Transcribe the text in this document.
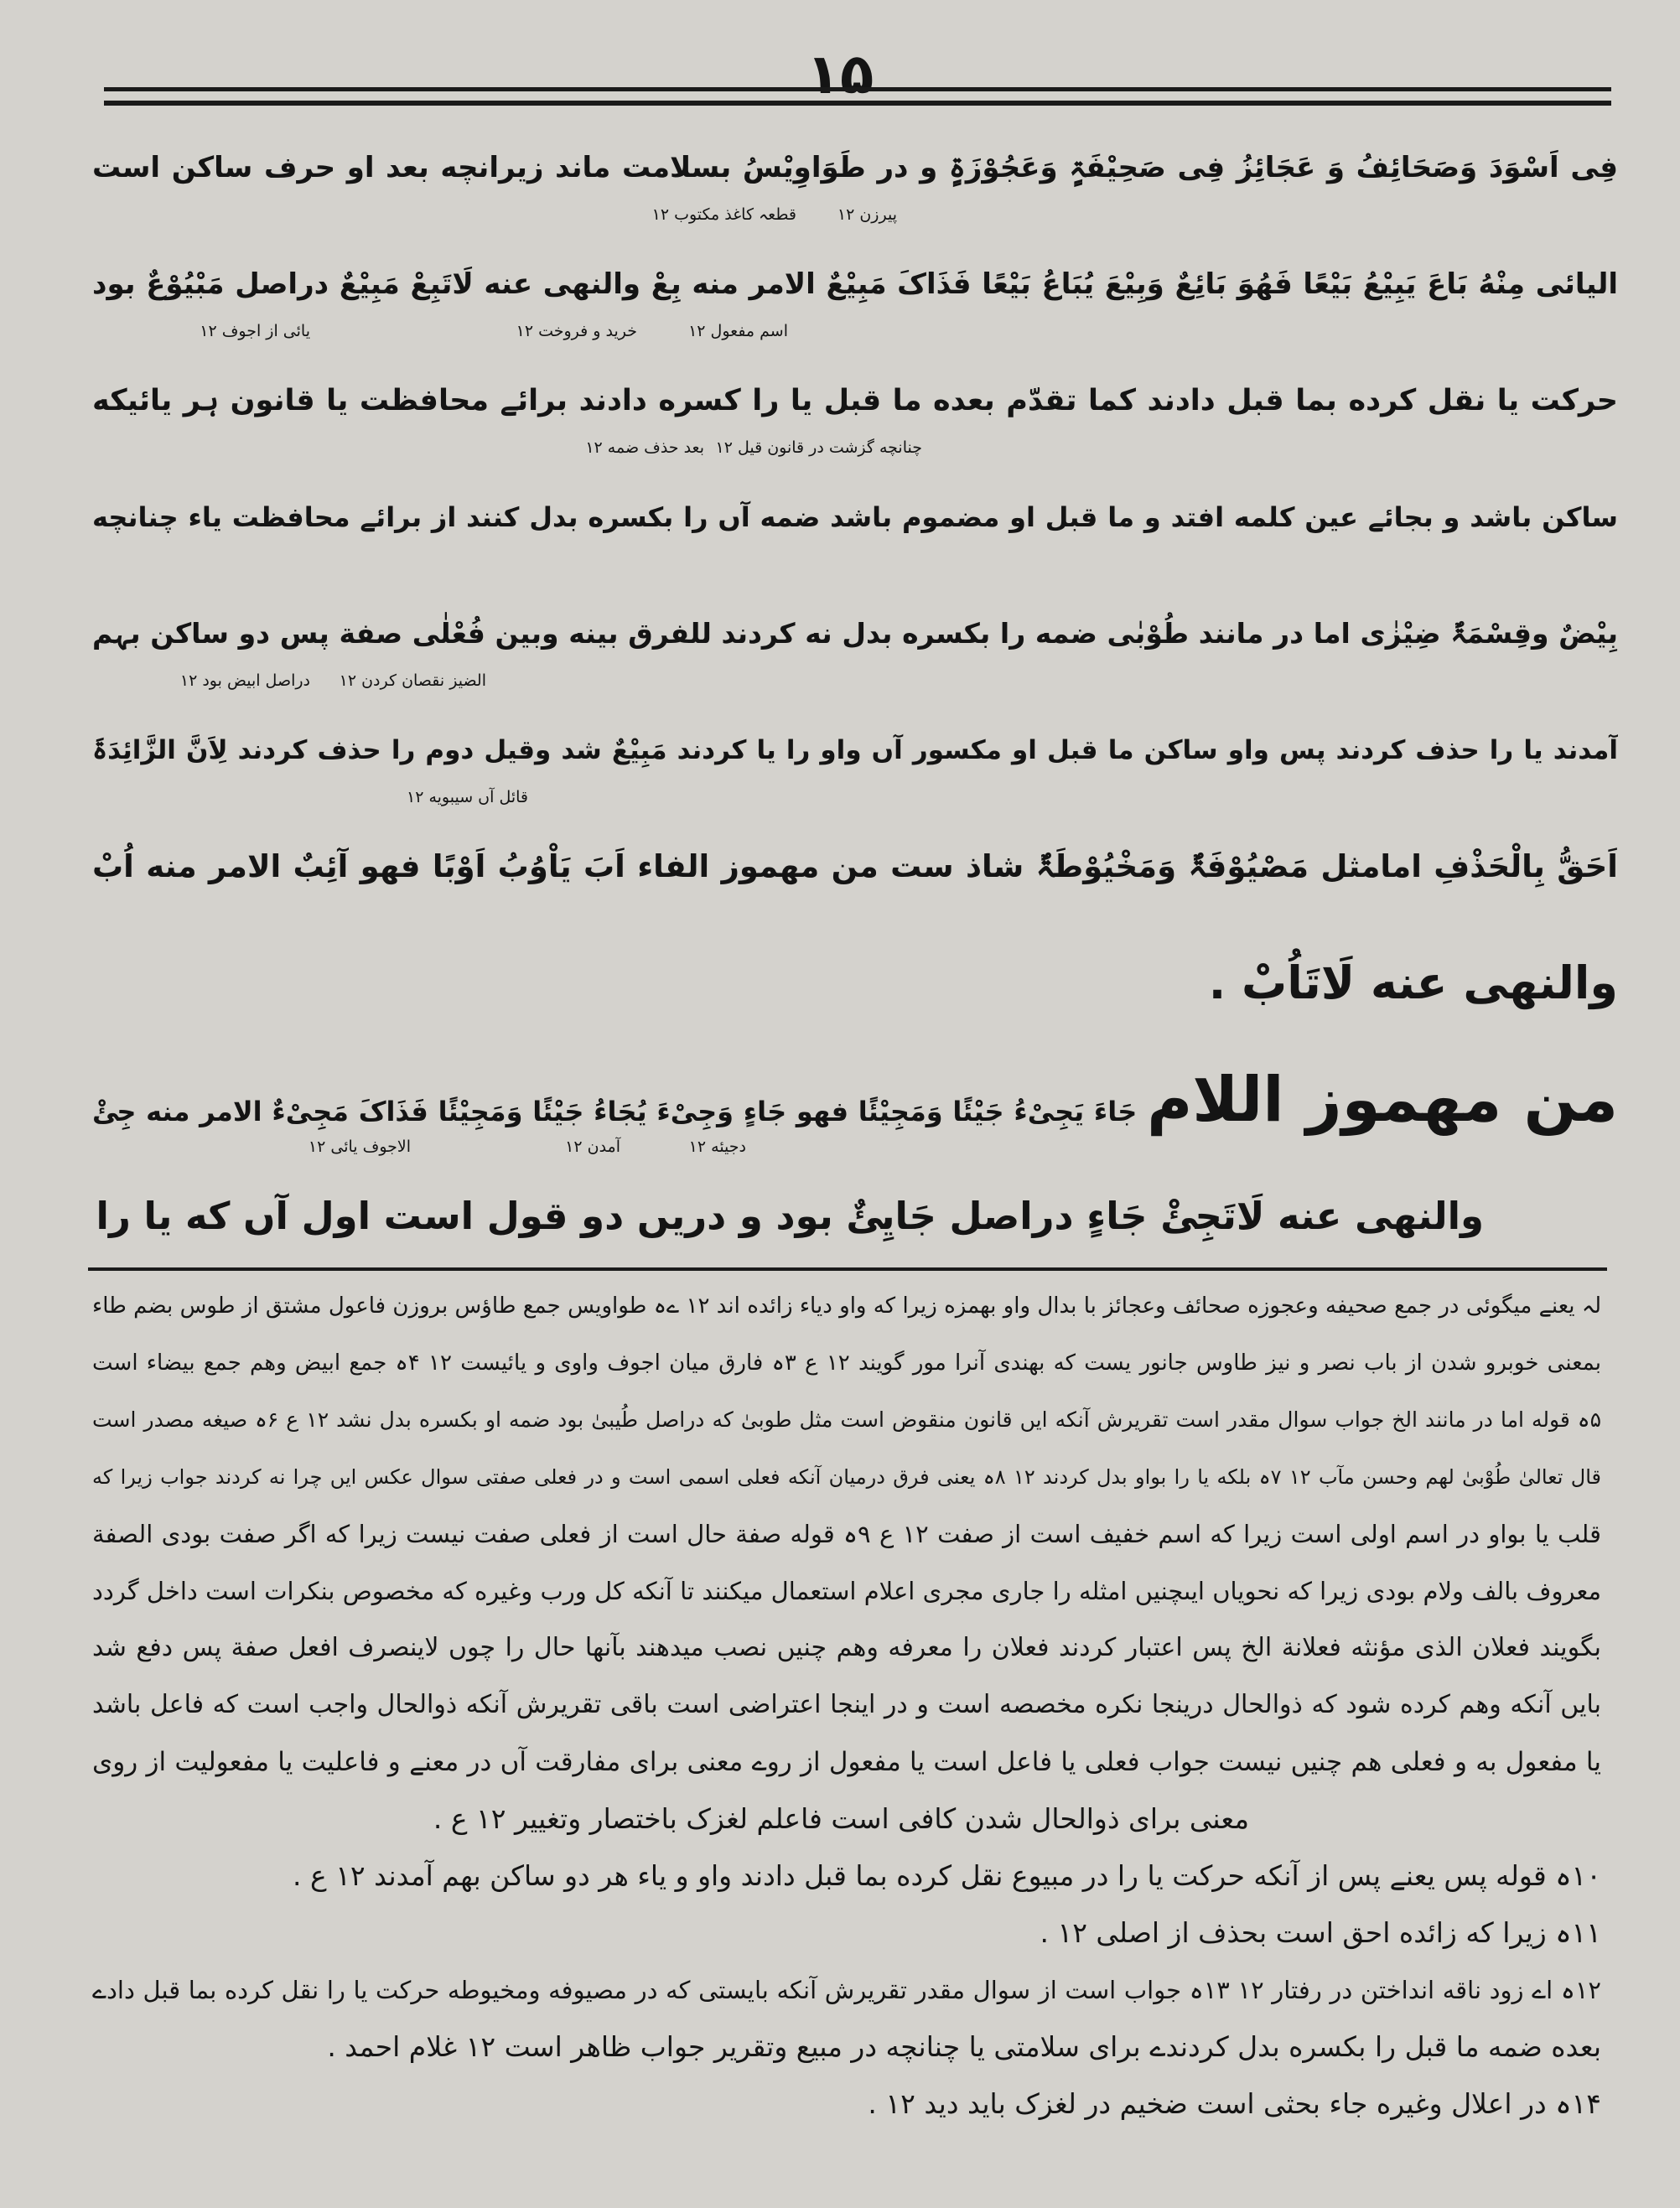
۱۵
فِی اَسْوَدَ وَصَحَائِفُ وَ عَجَائِزُ فِی صَحِیْفَۃٍ وَعَجُوْزَۃٍ و در طَوَاوِیْسُ بسلامت ماند زیرانچه بعد او حرف ساکن است
قطعہ کاغذ مکتوب ۱۲	پیرزن ۱۲
الیائی مِنْهُ بَاعَ یَبِیْعُ بَیْعًا فَهُوَ بَائِعٌ وَبِیْعَ یُبَاعُ بَیْعًا فَذَاکَ مَبِیْعٌ الامر منه بِعْ والنهی عنه لَاتَبِعْ مَبِیْعٌ دراصل مَبْیُوْعٌ بود
یائی از اجوف ۱۲	خرید و فروخت ۱۲	اسم مفعول ۱۲
حرکت یا نقل کرده بما قبل دادند کما تقدّم بعده ما قبل یا را کسره دادند برائے محافظت یا قانون ہر یائیکه
چنانچه گزشت در قانون قیل ۱۲
بعد حذف ضمه ۱۲
ساکن باشد و بجائے عین کلمه افتد و ما قبل او مضموم باشد ضمه آں را بکسره بدل کنند از برائے محافظت یاء چنانچه
بِیْضٌ وقِسْمَۃٌ ضِیْزٰی اما در مانند طُوْبٰی ضمه را بکسره بدل نه کردند للفرق بینه وبین فُعْلٰی صفة پس دو ساکن بہم
دراصل ابیض بود ۱۲ الضیز نقصان کردن ۱۲
آمدند یا را حذف کردند پس واو ساکن ما قبل او مکسور آں واو را یا کردند مَبِیْعٌ شد وقیل دوم را حذف کردند لِاَنَّ الزَّائِدَۃَ
قائل آں سیبویه ۱۲
اَحَقُّ بِالْحَذْفِ امامثل مَصْیُوْفَۃٌ وَمَخْیُوْطَۃٌ شاذ ست من مهموز الفاء اَبَ یَاْوُبُ اَوْبًا فهو آئِبٌ الامر منه اُبْ
والنهی عنه لَاتَاُبْ .
من مهموز اللام جَاءَ یَجِیْءُ جَیْئًا وَمَجِیْئًا فهو جَاءٍ وَجِیْءَ یُجَاءُ جَیْئًا وَمَجِیْئًا فَذَاکَ مَجِیْءٌ الامر منه جِئْ
الاجوف یائی ۱۲	آمدن ۱۲	دجیئه ۱۲
والنهی عنه لَاتَجِئْ جَاءٍ دراصل جَایِئٌ بود و دریں دو قول است اول آں که یا را
لہ یعنے میگوئی در جمع صحیفه وعجوزه صحائف وعجائز با بدال واو بهمزه زیرا که واو دیاء زائده اند ۱۲ ےہ طواویس جمع طاؤس بروزن فاعول مشتق از طوس بضم طاء
بمعنی خوبرو شدن از باب نصر و نیز طاوس جانور یست که بهندی آنرا مور گویند ۱۲ ع ۳ہ فارق میان اجوف واوی و یائیست ۱۲ ۴ہ جمع ابیض وهم جمع بیضاء است
۵ہ قوله اما در مانند الخ جواب سوال مقدر است تقریرش آنکه ایں قانون منقوض است مثل طوبیٰ که دراصل طُیبیٰ بود ضمه او بکسره بدل نشد ۱۲ ع ۶ہ صیغه مصدر است
قال تعالیٰ طُوْبیٰ لهم وحسن مآب ۱۲ ۷ہ بلکه یا را بواو بدل کردند ۱۲ ۸ہ یعنی فرق درمیان آنکه فعلی اسمی است و در فعلی صفتی سوال عکس ایں چرا نه کردند جواب زیرا که
قلب یا بواو در اسم اولی است زیرا که اسم خفیف است از صفت ۱۲ ع ۹ہ قوله صفة حال است از فعلی صفت نیست زیرا که اگر صفت بودی الصفة
معروف بالف ولام بودی زیرا که نحویاں ایںچنیں امثله را جاری مجری اعلام استعمال میکنند تا آنکه کل ورب وغیره که مخصوص بنکرات است داخل گردد
بگویند فعلان الذی مؤنثه فعلانة الخ پس اعتبار کردند فعلان را معرفه وهم چنیں نصب میدهند بآنها حال را چوں لاینصرف افعل صفة پس دفع شد
بایں آنکه وهم کرده شود که ذوالحال درینجا نکره مخصصه است و در اینجا اعتراضی است باقی تقریرش آنکه ذوالحال واجب است که فاعل باشد
یا مفعول به و فعلی هم چنیں نیست جواب فعلی یا فاعل است یا مفعول از روے معنی برای مفارقت آں در معنے و فاعلیت یا مفعولیت از روی
معنی برای ذوالحال شدن کافی است فاعلم لغزک باختصار وتغییر ۱۲ ع .
۱۰ہ قوله پس یعنے پس از آنکه حرکت یا را در مبیوع نقل کرده بما قبل دادند واو و یاء هر دو ساکن بهم آمدند ۱۲ ع .
۱۱ہ زیرا که زائده احق است بحذف از اصلی ۱۲ .
۱۲ہ اے زود ناقه انداختن در رفتار ۱۲ ۱۳ہ جواب است از سوال مقدر تقریرش آنکه بایستی که در مصیوفه ومخیوطه حرکت یا را نقل کرده بما قبل دادے
بعده ضمه ما قبل را بکسره بدل کردندے برای سلامتی یا چنانچه در مبیع وتقریر جواب ظاهر است ۱۲ غلام احمد .
۱۴ہ در اعلال وغیره جاء بحثی است ضخیم در لغزک باید دید ۱۲ .
